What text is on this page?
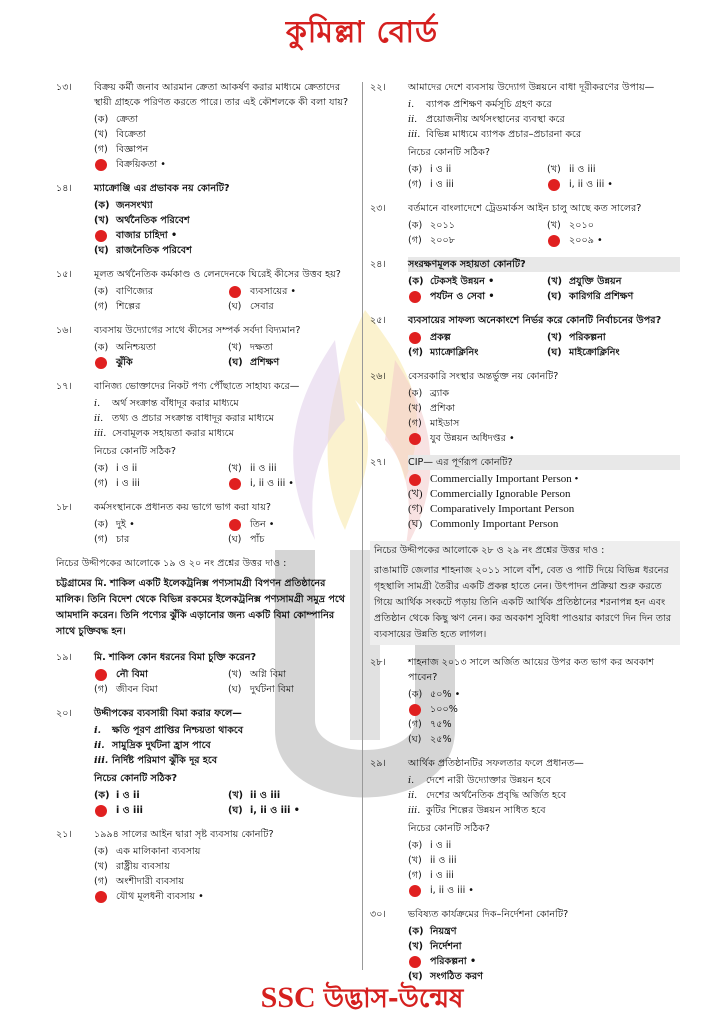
কুমিল্লা বোর্ড
১৩।	বিক্রয় কর্মী জনাব আরমান ক্রেতা আকর্ষণ করার মাধ্যমে ক্রেতাদের স্থায়ী গ্রাহকে পরিণত করতে পারে। তার এই কৌশলকে কী বলা যায়?
(ক) ক্রেতা
(খ) বিক্রেতা
(গ) বিজ্ঞাপন
বিক্রয়িকতা •
১৪।	ম্যাক্রোঞ্জি এর প্রভাবক নয় কোনটি?
(ক) জনসংখ্যা
(খ) অর্থনৈতিক পরিবেশ
বাজার চাহিদা •
(ঘ) রাজনৈতিক পরিবেশ
১৫।	মূলত অর্থনৈতিক কর্মকাণ্ড ও লেনদেনকে ঘিরেই কীসের উত্তব হয়?
(ক) বাণিজ্যের	ব্যবসায়ের •
(গ) শিল্পের	(ঘ) সেবার
১৬।	ব্যবসায় উদ্যোগের সাথে কীসের সম্পর্ক সর্বদা বিদ্যমান?
(ক) অনিশ্চয়তা	(খ) দক্ষতা
ঝুঁকি	(ঘ) প্রশিক্ষণ
১৭।	বানিজ্য ভোক্তাদের নিকট পণ্য পৌঁছাতে সাহায্য করে—
i. অর্থ সংক্রান্ত বাঁধাদূর করার মাধ্যমে
ii. তথ্য ও প্রচার সংক্রান্ত বাধাদূর করার মাধ্যমে
iii. সেবামূলক সহায়তা করার মাধ্যমে
নিচের কোনটি সঠিক?
(ক) i ও ii	(খ) ii ও iii
(গ) i ও iii	i, ii ও iii •
১৮।	কর্মসংস্থানকে প্রধানত কয় ভাগে ভাগ করা যায়?
(ক) দুই •	তিন •
(গ) চার	(ঘ) পাঁচ
নিচের উদ্দীপকের আলোকে ১৯ ও ২০ নং প্রশ্নের উত্তর দাও :
চট্টগ্রামের মি. শাকিল একটি ইলেকট্রনিক্স পণ্যসামগ্রী বিপণন প্রতিষ্ঠানের মালিক। তিনি বিদেশ থেকে বিভিন্ন রকমের ইলেকট্রনিক্স পণ্যসামগ্রী সমুদ্র পথে আমদানি করেন। তিনি পণ্যের ঝুঁকি এড়ানোর জন্য একটি বিমা কোম্পানির সাথে চুক্তিবদ্ধ হন।
১৯।	মি. শাকিল কোন ধরনের বিমা চুক্তি করেন?
নৌ বিমা	(খ) অগ্নি বিমা
(গ) জীবন বিমা	(ঘ) দুর্ঘটনা বিমা
২০।	উদ্দীপকের ব্যবসায়ী বিমা করার ফলে—
i. ক্ষতি পূরণ প্রাপ্তির নিশ্চয়তা থাকবে
ii. সামুদ্রিক দুর্ঘটনা হ্রাস পাবে
iii. নির্দিষ্ট পরিমাণ ঝুঁকি দূর হবে
নিচের কোনটি সঠিক?
(ক) i ও ii	(খ) ii ও iii
i ও iii	(ঘ) i, ii ও iii •
২১।	১৯৯৪ সালের আইন দ্বারা সৃষ্ট ব্যবসায় কোনটি?
(ক) এক মালিকানা ব্যবসায়
(খ) রাষ্ট্রীয় ব্যবসায়
(গ) অংশীদারী ব্যবসায়
যৌথ মূলধনী ব্যবসায় •
২২।	আমাদের দেশে ব্যবসায় উদ্যোগ উন্নয়নে বাধা দূরীকরণের উপায়—
i. ব্যাপক প্রশিক্ষণ কর্মসূচি গ্রহণ করে
ii. প্রয়োজনীয় অর্থসংস্থানের ব্যবস্থা করে
iii. বিভিন্ন মাধ্যমে ব্যাপক প্রচার–প্রচারনা করে
নিচের কোনটি সঠিক?
(ক) i ও ii	(খ) ii ও iii
(গ) i ও iii	i, ii ও iii •
২৩।	বর্তমানে বাংলাদেশে ট্রেডমার্কস আইন চালু আছে কত সালের?
(ক) ২০১১	(খ) ২০১০
(গ) ২০০৮	২০০৯ •
২৪।	সংরক্ষণমূলক সহায়তা কোনটি?
(ক) টেকসই উন্নয়ন •	(খ) প্রযুক্তি উন্নয়ন
পর্যটন ও সেবা •	(ঘ) কারিগরি প্রশিক্ষণ
২৫।	ব্যবসায়ের সাফল্য অনেকাংশে নির্ভর করে কোনটি নির্বাচনের উপর?
প্রকল্প	(খ) পরিকল্পনা
(গ) ম্যাক্রোক্লিনিং	(ঘ) মাইক্রোক্লিনিং
২৬।	বেসরকারি সংস্থার অন্তর্ভুক্ত নয় কোনটি?
(ক) ব্র্যাক
(খ) প্রশিকা
(গ) মাইডাস
যুব উন্নয়ন অধিদপ্তর •
২৭।	CIP— এর পূর্ণরূপ কোনটি?
Commercially Important Person •
(খ) Commercially Ignorable Person
(গ) Comparatively Important Person
(ঘ) Commonly Important Person
নিচের উদ্দীপকের আলোকে ২৮ ও ২৯ নং প্রশ্নের উত্তর দাও :
রাঙামাটি জেলার শাহনাজ ২০১১ সালে বাঁশ, বেত ও পাটি দিয়ে বিভিন্ন ধরনের গৃহস্থালি সামগ্রী তৈরীর একটি প্রকল্প হাতে নেন। উৎপাদন প্রক্রিয়া শুরু করতে গিয়ে আর্থিক সংকটে পড়ায় তিনি একটি আর্থিক প্রতিষ্ঠানের শরনাপন্ন হন এবং প্রতিষ্ঠান থেকে কিছু ঋণ নেন। কর অবকাশ সুবিধা পাওয়ার কারণে দিন দিন তার ব্যবসায়ের উন্নতি হতে লাগল।
২৮।	শাহনাজ ২০১৩ সালে অর্জিত আয়ের উপর কত ভাগ কর অবকাশ পাবেন?
(ক) ৫০% •
১০০%
(গ) ৭৫%
(ঘ) ২৫%
২৯।	আর্থিক প্রতিষ্ঠানটির সফলতার ফলে প্রধানত—
i. দেশে নারী উদ্যোক্তার উন্নয়ন হবে
ii. দেশের অর্থনৈতিক প্রবৃদ্ধি অর্জিত হবে
iii. কুটির শিল্পের উন্নয়ন সাধিত হবে
নিচের কোনটি সঠিক?
(ক) i ও ii
(খ) ii ও iii
(গ) i ও iii
i, ii ও iii •
৩০।	ভবিষ্যত কার্যক্রমের দিক–নির্দেশনা কোনটি?
(ক) নিয়ন্ত্রণ
(খ) নির্দেশনা
পরিকল্পনা •
(ঘ) সংগঠিত করণ
SSC উদ্ভাস-উন্মেষ
